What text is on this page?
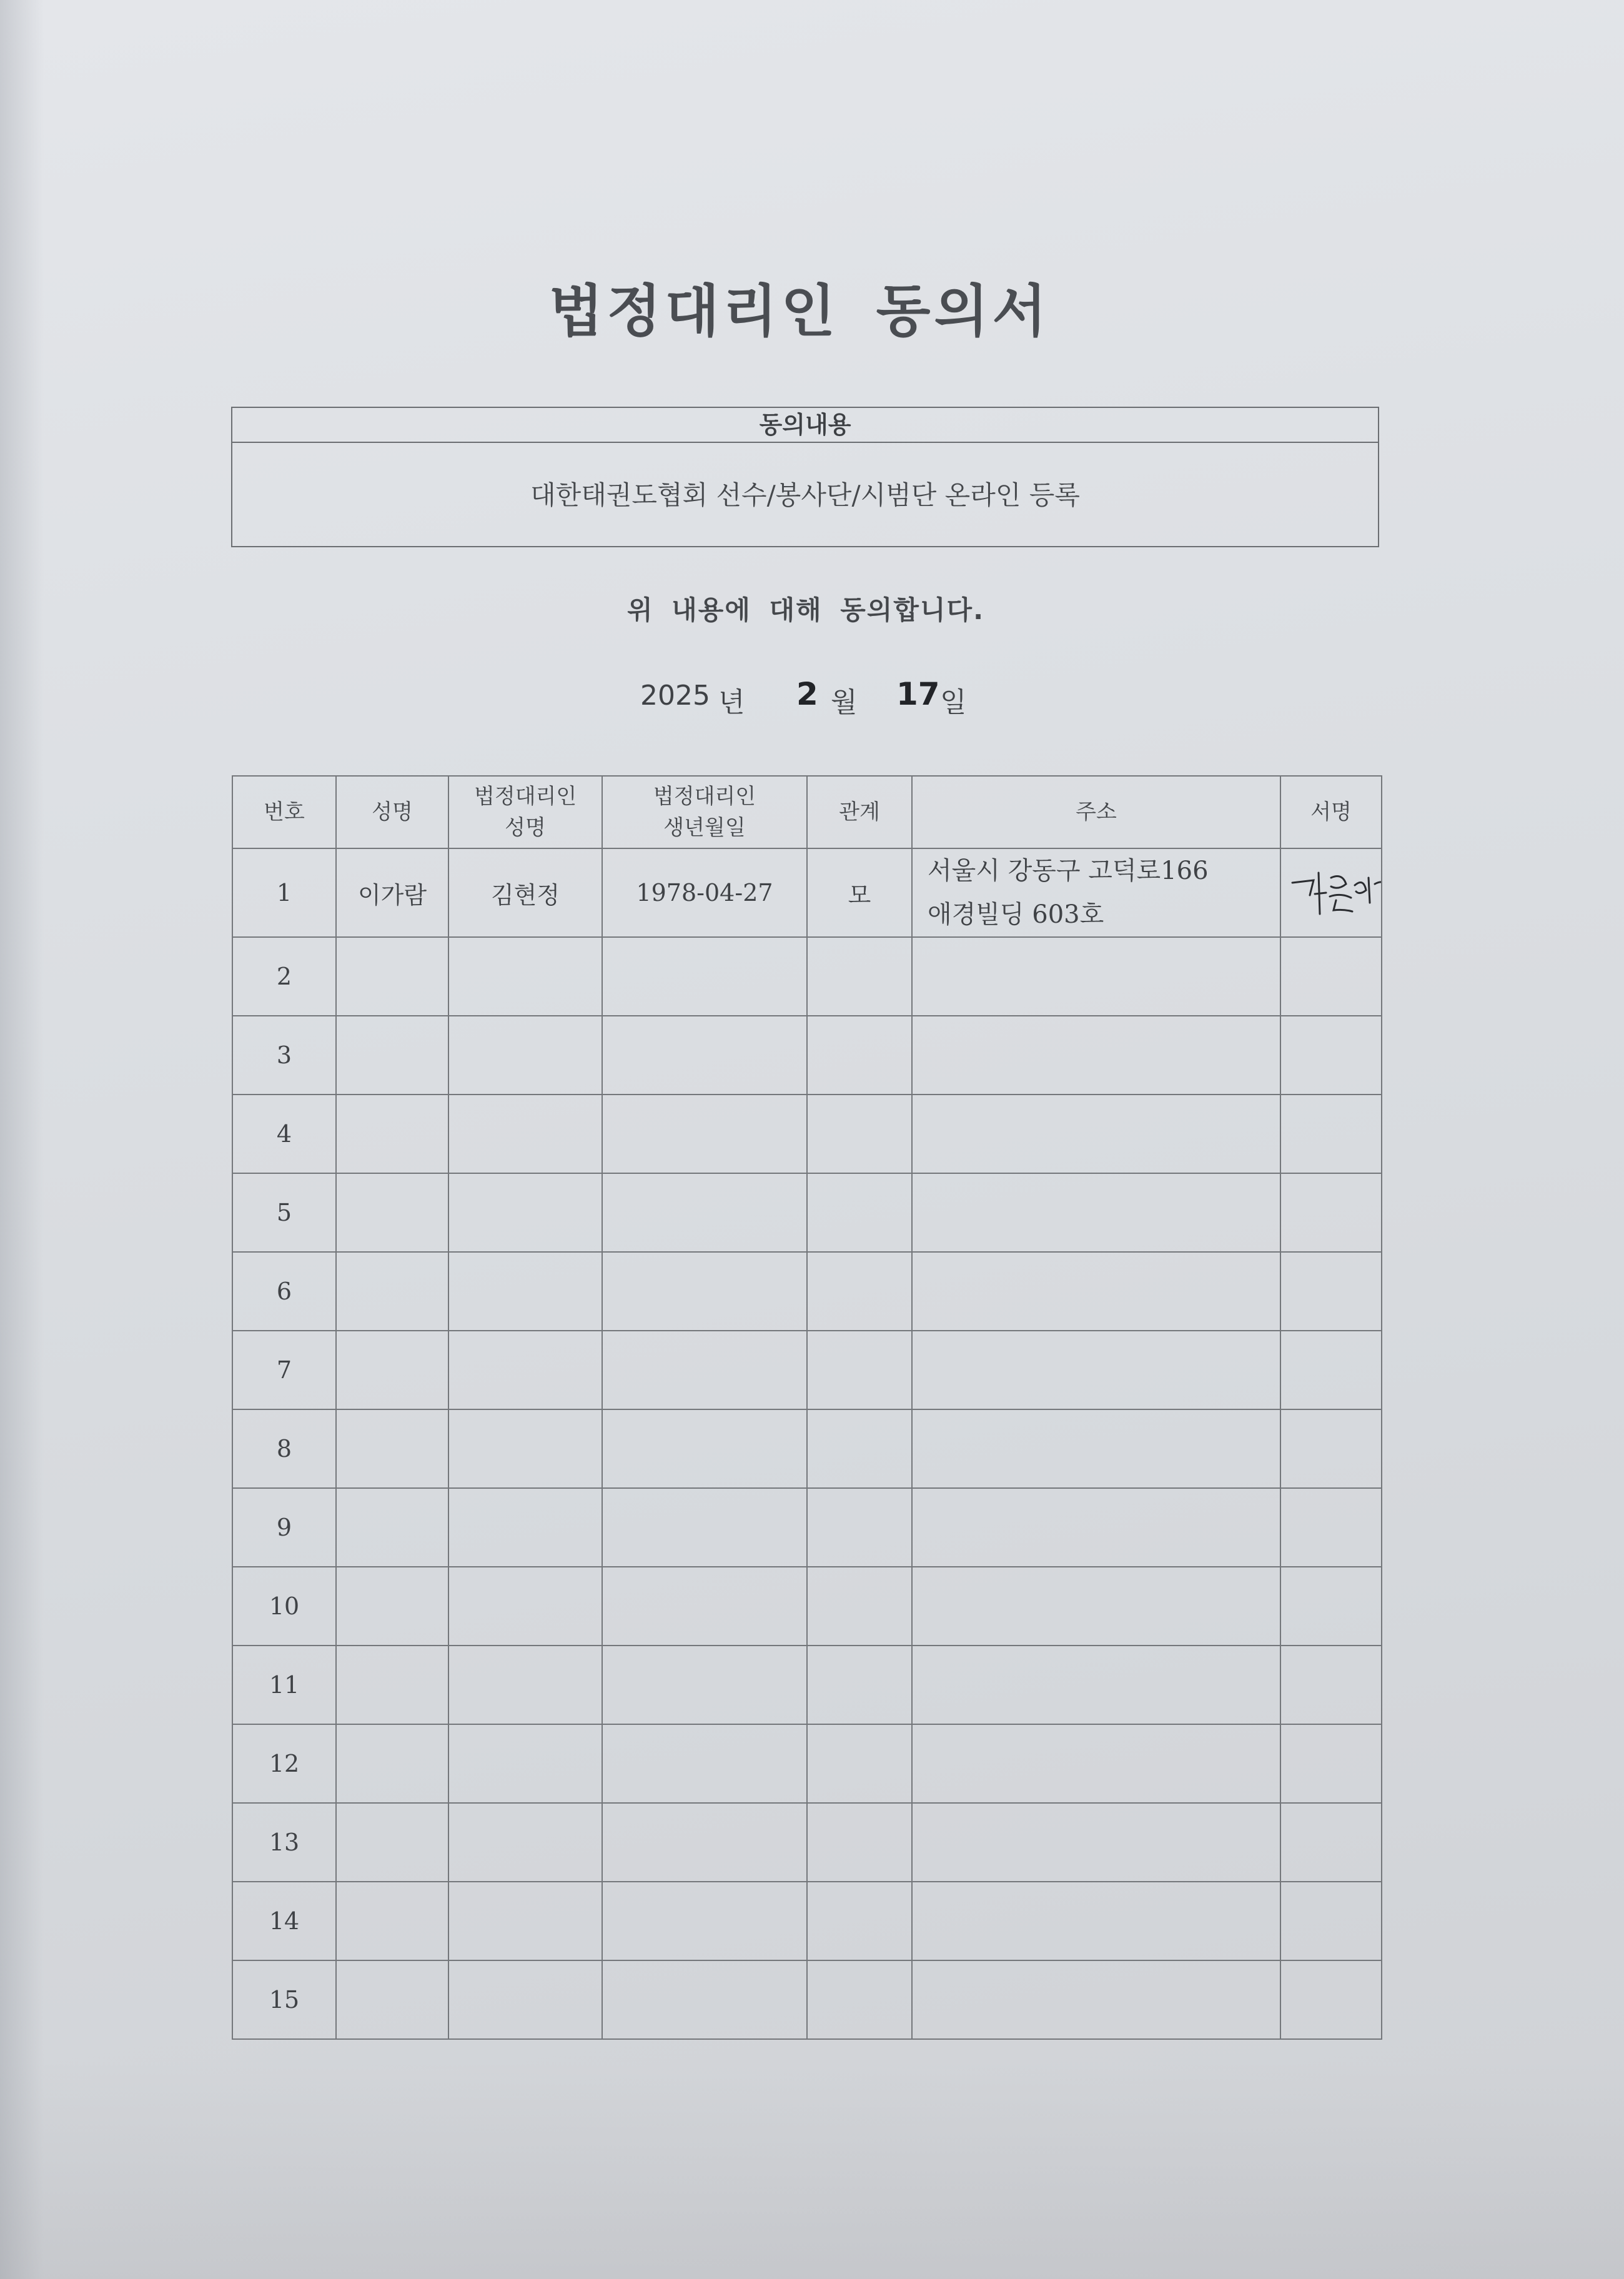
법정대리인 동의서
동의내용
대한태권도협회 선수/봉사단/시범단 온라인 등록
위 내용에 대해 동의합니다.
2025 년 2 월 17 일
번호	성명	법정대리인 성명	법정대리인 생년월일	관계	주소	서명
1	이가람	김현정	1978-04-27	모	서울시 강동구 고덕로166
애경빌딩 603호

2						
3						
4						
5						
6						
7						
8						
9						
10						
11						
12						
13						
14						
15						
